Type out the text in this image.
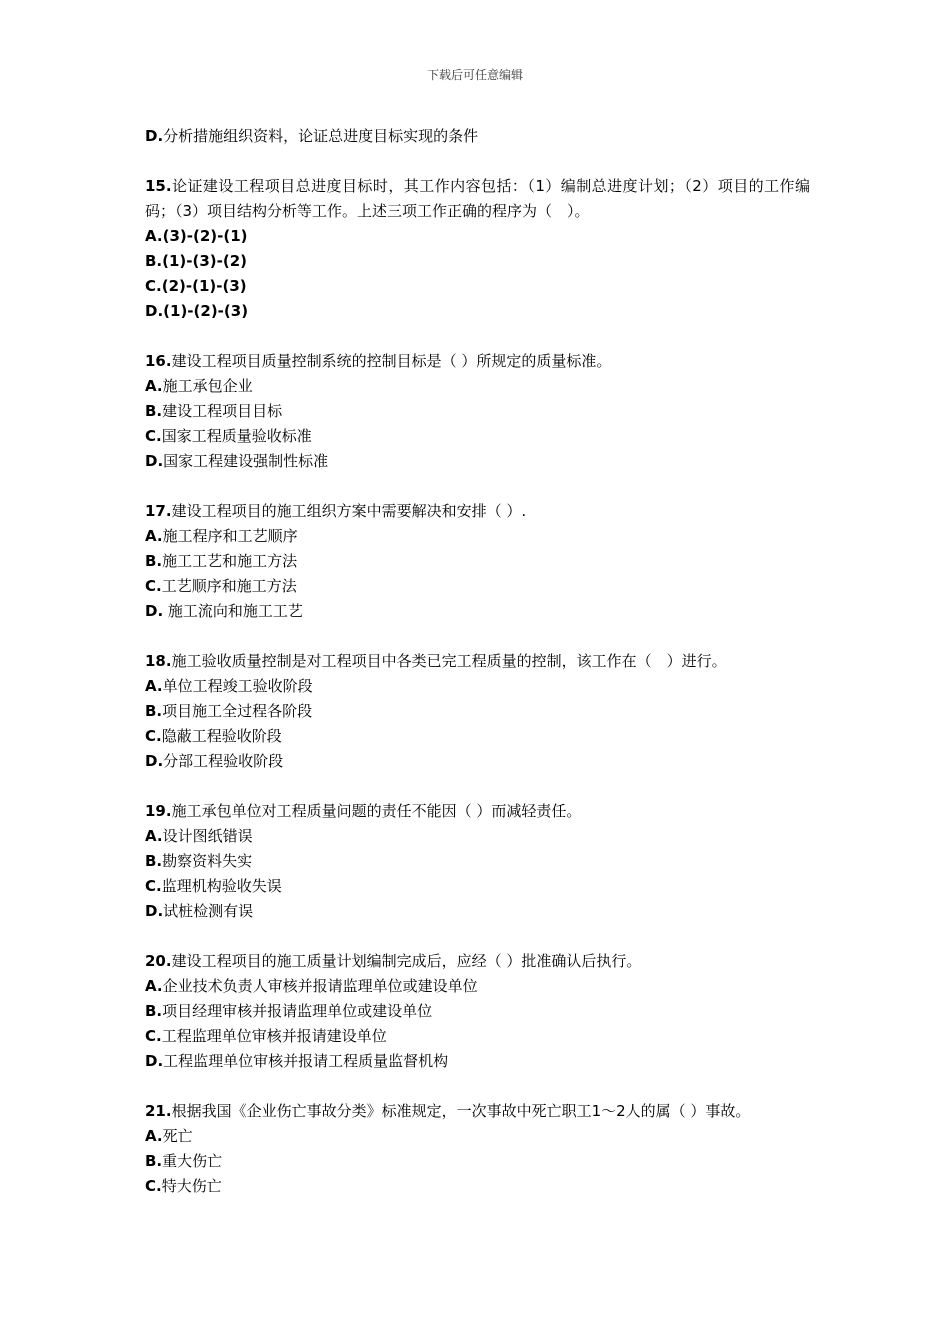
下载后可任意编辑
D.分析措施组织资料，论证总进度目标实现的条件
15.论证建设工程项目总进度目标时，其工作内容包括：（1）编制总进度计划；（2）项目的工作编码；（3）项目结构分析等工作。上述三项工作正确的程序为（　）。
A.(3)-(2)-(1)
B.(1)-(3)-(2)
C.(2)-(1)-(3)
D.(1)-(2)-(3)
16.建设工程项目质量控制系统的控制目标是（ ）所规定的质量标准。
A.施工承包企业
B.建设工程项目目标
C.国家工程质量验收标准
D.国家工程建设强制性标准
17.建设工程项目的施工组织方案中需要解决和安排（ ）.
A.施工程序和工艺顺序
B.施工工艺和施工方法
C.工艺顺序和施工方法
D. 施工流向和施工工艺
18.施工验收质量控制是对工程项目中各类已完工程质量的控制，该工作在（　）进行。
A.单位工程竣工验收阶段
B.项目施工全过程各阶段
C.隐蔽工程验收阶段
D.分部工程验收阶段
19.施工承包单位对工程质量问题的责任不能因（ ）而减轻责任。
A.设计图纸错误
B.勘察资料失实
C.监理机构验收失误
D.试桩检测有误
20.建设工程项目的施工质量计划编制完成后，应经（ ）批准确认后执行。
A.企业技术负责人审核并报请监理单位或建设单位
B.项目经理审核并报请监理单位或建设单位
C.工程监理单位审核并报请建设单位
D.工程监理单位审核并报请工程质量监督机构
21.根据我国《企业伤亡事故分类》标准规定，一次事故中死亡职工1～2人的属（ ）事故。
A.死亡
B.重大伤亡
C.特大伤亡
